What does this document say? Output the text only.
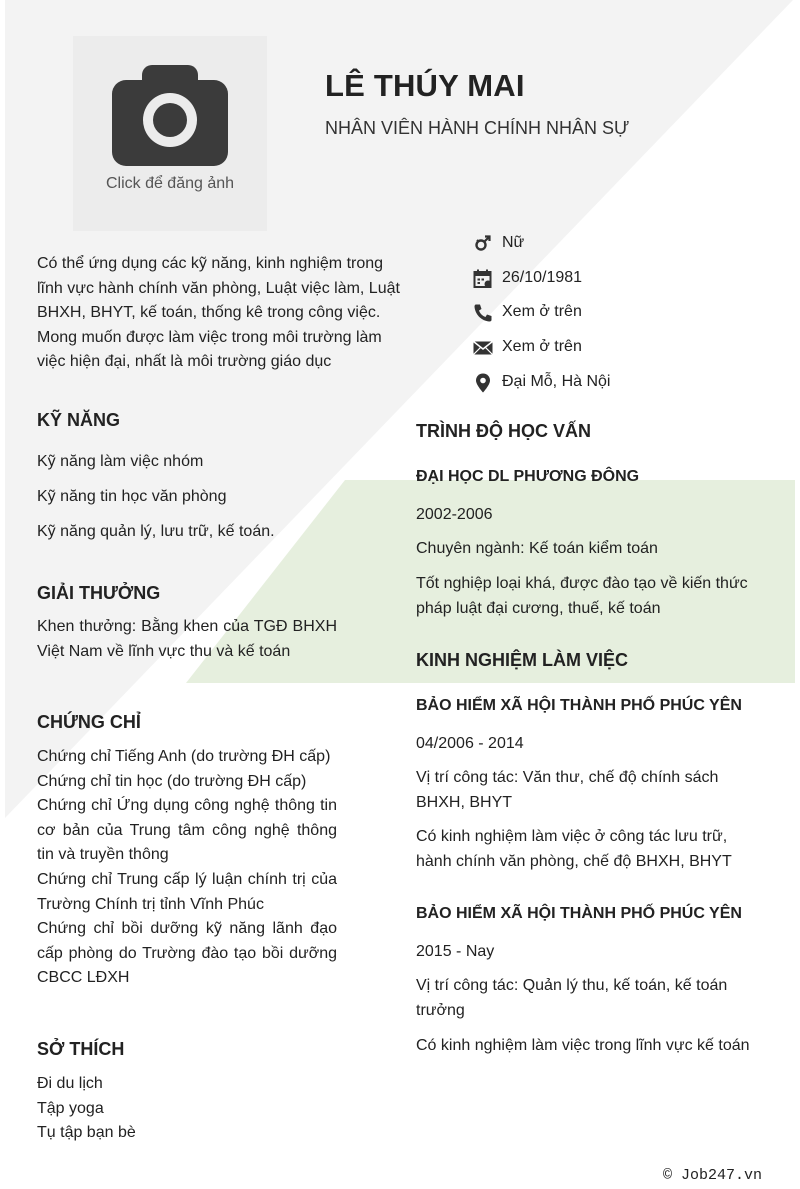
Click để đăng ảnh
LÊ THÚY MAI
NHÂN VIÊN HÀNH CHÍNH NHÂN SỰ
Có thể ứng dụng các kỹ năng, kinh nghiệm trong lĩnh vực hành chính văn phòng, Luật việc làm, Luật BHXH, BHYT, kế toán, thống kê trong công việc. Mong muốn được làm việc trong môi trường làm việc hiện đại, nhất là môi trường giáo dục
Nữ
26/10/1981
Xem ở trên
Xem ở trên
Đại Mỗ, Hà Nội
KỸ NĂNG
Kỹ năng làm việc nhóm
Kỹ năng tin học văn phòng
Kỹ năng quản lý, lưu trữ, kế toán.
GIẢI THƯỞNG
Khen thưởng: Bằng khen của TGĐ BHXH Việt Nam về lĩnh vực thu và kế toán
CHỨNG CHỈ
Chứng chỉ Tiếng Anh (do trường ĐH cấp)
Chứng chỉ tin học (do trường ĐH cấp)
Chứng chỉ Ứng dụng công nghệ thông tin cơ bản của Trung tâm công nghệ thông tin và truyền thông
Chứng chỉ Trung cấp lý luận chính trị của Trường Chính trị tỉnh Vĩnh Phúc
Chứng chỉ bồi dưỡng kỹ năng lãnh đạo cấp phòng do Trường đào tạo bồi dưỡng CBCC LĐXH
SỞ THÍCH
Đi du lịch
Tập yoga
Tụ tập bạn bè
TRÌNH ĐỘ HỌC VẤN
ĐẠI HỌC DL PHƯƠNG ĐÔNG
2002-2006
Chuyên ngành: Kế toán kiểm toán
Tốt nghiệp loại khá, được đào tạo về kiến thức pháp luật đại cương, thuế, kế toán
KINH NGHIỆM LÀM VIỆC
BẢO HIỂM XÃ HỘI THÀNH PHỐ PHÚC YÊN
04/2006 - 2014
Vị trí công tác: Văn thư, chế độ chính sách BHXH, BHYT
Có kinh nghiệm làm việc ở công tác lưu trữ, hành chính văn phòng, chế độ BHXH, BHYT
BẢO HIỂM XÃ HỘI THÀNH PHỐ PHÚC YÊN
2015 - Nay
Vị trí công tác: Quản lý thu, kế toán, kế toán trưởng
Có kinh nghiệm làm việc trong lĩnh vực kế toán
© Job247.vn
